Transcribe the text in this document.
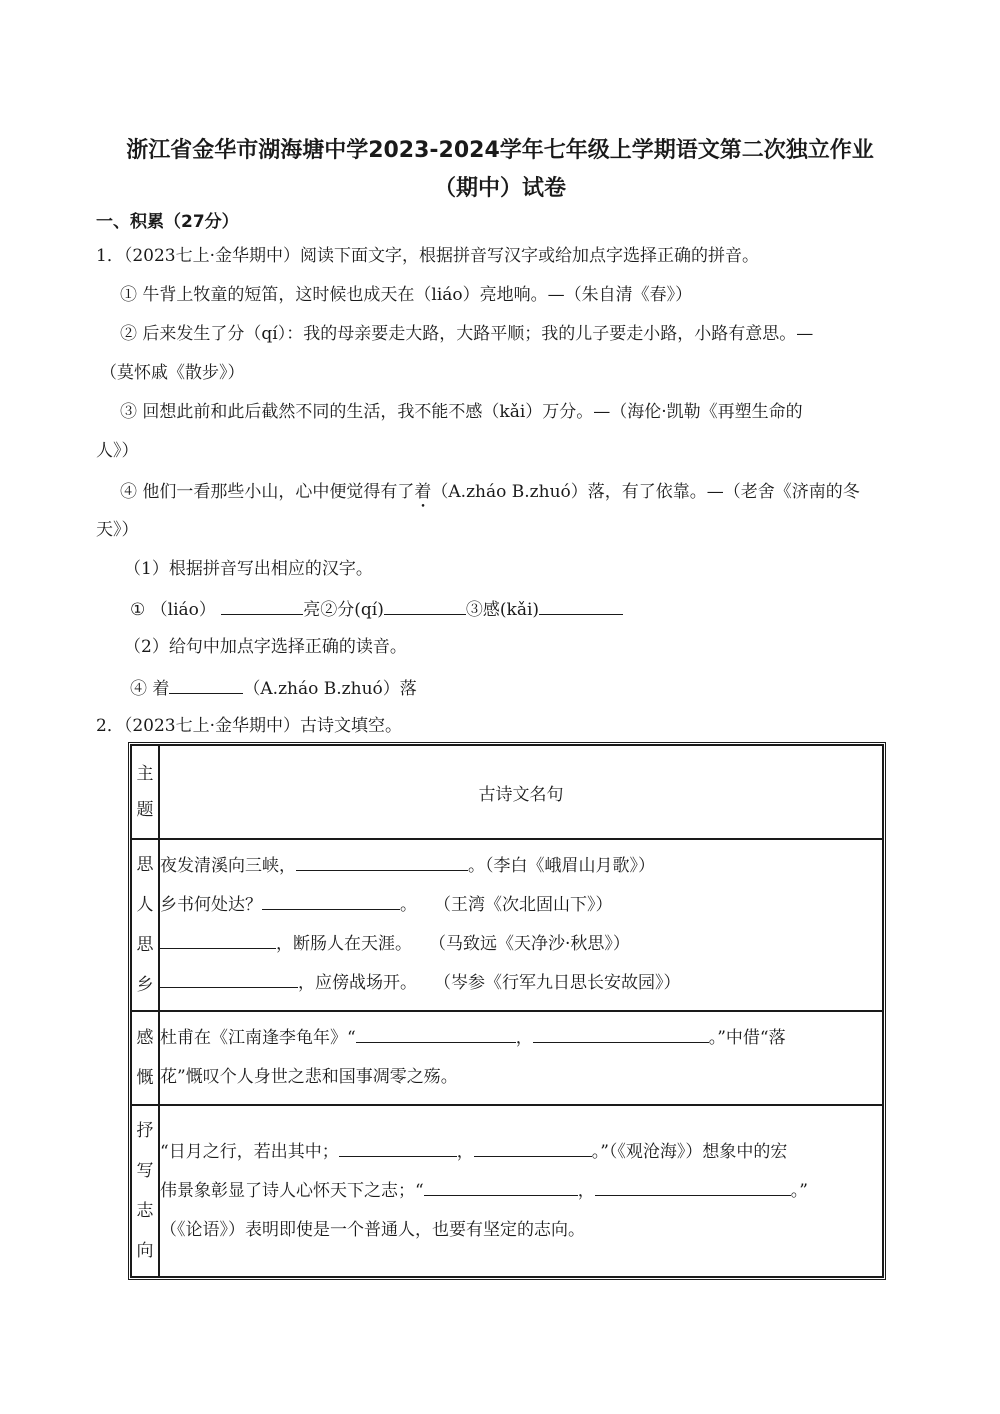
浙江省金华市湖海塘中学2023-2024学年七年级上学期语文第二次独立作业
（期中）试卷
一、积累（27分）
1．（2023七上·金华期中）阅读下面文字，根据拼音写汉字或给加点字选择正确的拼音。
① 牛背上牧童的短笛，这时候也成天在（liáo）亮地响。—（朱自清《春》）
② 后来发生了分（qí）：我的母亲要走大路，大路平顺；我的儿子要走小路，小路有意思。—
（莫怀戚《散步》）
③ 回想此前和此后截然不同的生活，我不能不感（kǎi）万分。—（海伦·凯勒《再塑生命的
人》）
④ 他们一看那些小山，心中便觉得有了着（A.zháo B.zhuó）落，有了依靠。—（老舍《济南的冬
天》）
（1）根据拼音写出相应的汉字。
① （liáo）	亮②分(qí)	③感(kǎi)
（2）给句中加点字选择正确的读音。
④ 着	（A.zháo B.zhuó）落
2．（2023七上·金华期中）古诗文填空。
主题	古诗文名句

思人思乡	夜发清溪向三峡， 。（李白《峨眉山月歌》）
乡书何处达？ 。　　（王湾《次北固山下》）
，断肠人在天涯。　　（马致远《天净沙·秋思》）
，应傍战场开。　　（岑参《行军九日思长安故园》）

感慨	杜甫在《江南逢李龟年》“ ， 。”中借“落
花”慨叹个人身世之悲和国事凋零之殇。

抒写志向	“日月之行，若出其中； ， 。”（《观沧海》）想象中的宏
伟景象彰显了诗人心怀天下之志；“ ， 。”
（《论语》）表明即使是一个普通人，也要有坚定的志向。
